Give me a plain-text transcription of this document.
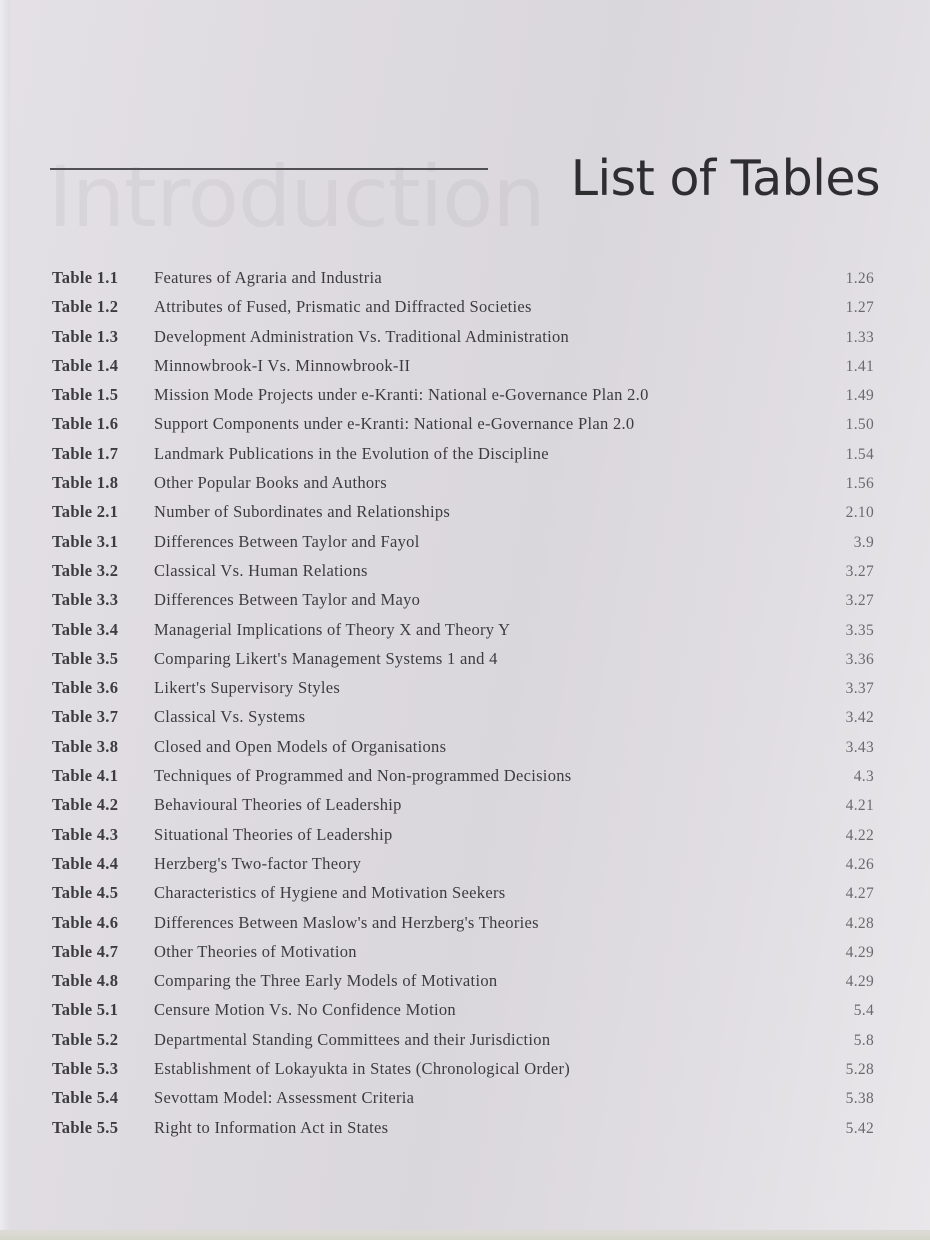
Introduction List of Tables
Table 1.1	Features of Agraria and Industria	1.26
Table 1.2	Attributes of Fused, Prismatic and Diffracted Societies	1.27
Table 1.3	Development Administration Vs. Traditional Administration	1.33
Table 1.4	Minnowbrook-I Vs. Minnowbrook-II	1.41
Table 1.5	Mission Mode Projects under e-Kranti: National e-Governance Plan 2.0	1.49
Table 1.6	Support Components under e-Kranti: National e-Governance Plan 2.0	1.50
Table 1.7	Landmark Publications in the Evolution of the Discipline	1.54
Table 1.8	Other Popular Books and Authors	1.56
Table 2.1	Number of Subordinates and Relationships	2.10
Table 3.1	Differences Between Taylor and Fayol	3.9
Table 3.2	Classical Vs. Human Relations	3.27
Table 3.3	Differences Between Taylor and Mayo	3.27
Table 3.4	Managerial Implications of Theory X and Theory Y	3.35
Table 3.5	Comparing Likert's Management Systems 1 and 4	3.36
Table 3.6	Likert's Supervisory Styles	3.37
Table 3.7	Classical Vs. Systems	3.42
Table 3.8	Closed and Open Models of Organisations	3.43
Table 4.1	Techniques of Programmed and Non-programmed Decisions	4.3
Table 4.2	Behavioural Theories of Leadership	4.21
Table 4.3	Situational Theories of Leadership	4.22
Table 4.4	Herzberg's Two-factor Theory	4.26
Table 4.5	Characteristics of Hygiene and Motivation Seekers	4.27
Table 4.6	Differences Between Maslow's and Herzberg's Theories	4.28
Table 4.7	Other Theories of Motivation	4.29
Table 4.8	Comparing the Three Early Models of Motivation	4.29
Table 5.1	Censure Motion Vs. No Confidence Motion	5.4
Table 5.2	Departmental Standing Committees and their Jurisdiction	5.8
Table 5.3	Establishment of Lokayukta in States (Chronological Order)	5.28
Table 5.4	Sevottam Model: Assessment Criteria	5.38
Table 5.5	Right to Information Act in States	5.42
